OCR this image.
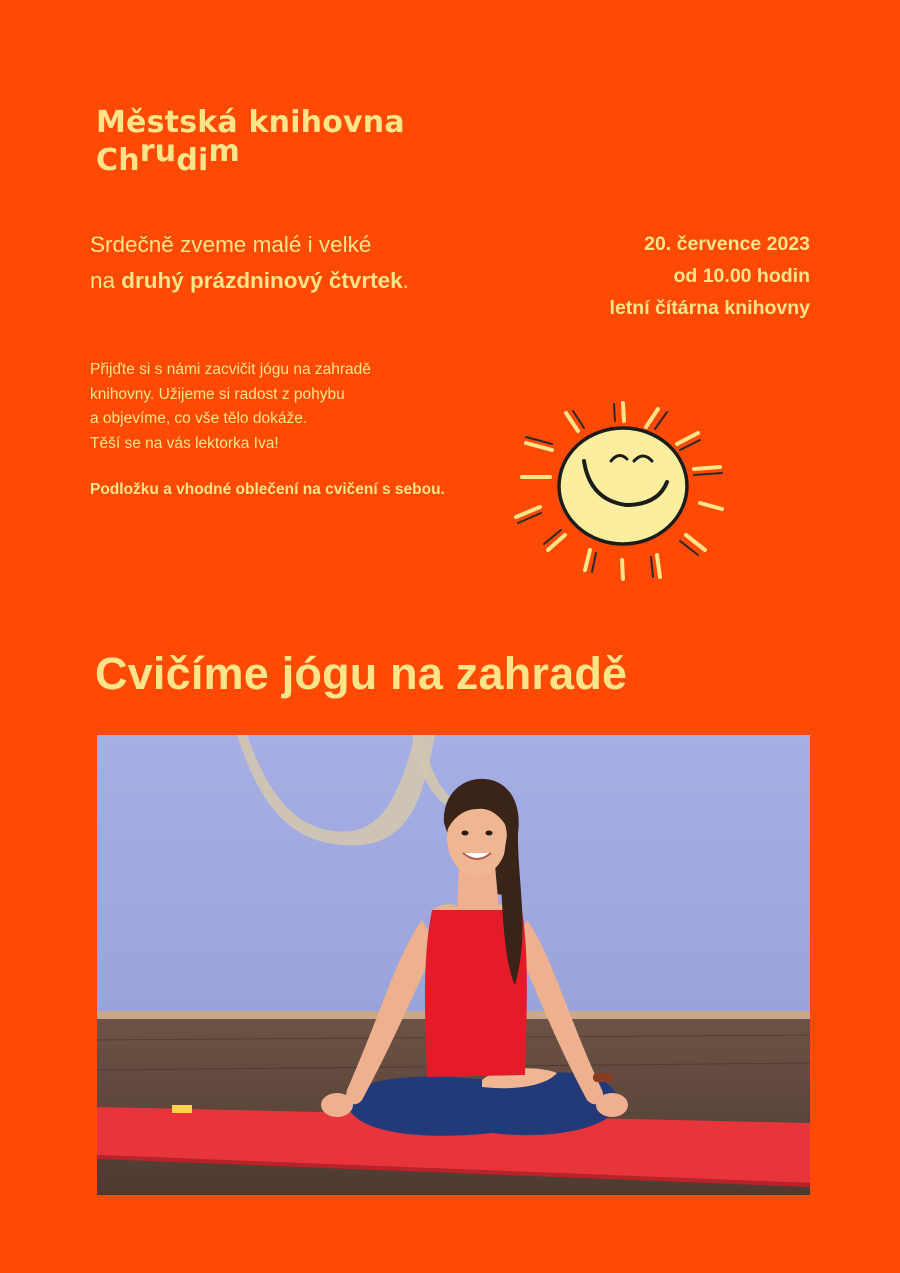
Městská knihovna
Chrudim
Srdečně zveme malé i velké
na druhý prázdninový čtvrtek.
20. července 2023
od 10.00 hodin
letní čítárna knihovny

Přijďte si s námi zacvičit jógu na zahradě

knihovny. Užijeme si radost z pohybu

a objevíme, co vše tělo dokáže.

Těší se na vás lektorka Iva!

Podložku a vhodné oblečení na cvičení s sebou.
Cvičíme jógu na zahradě
